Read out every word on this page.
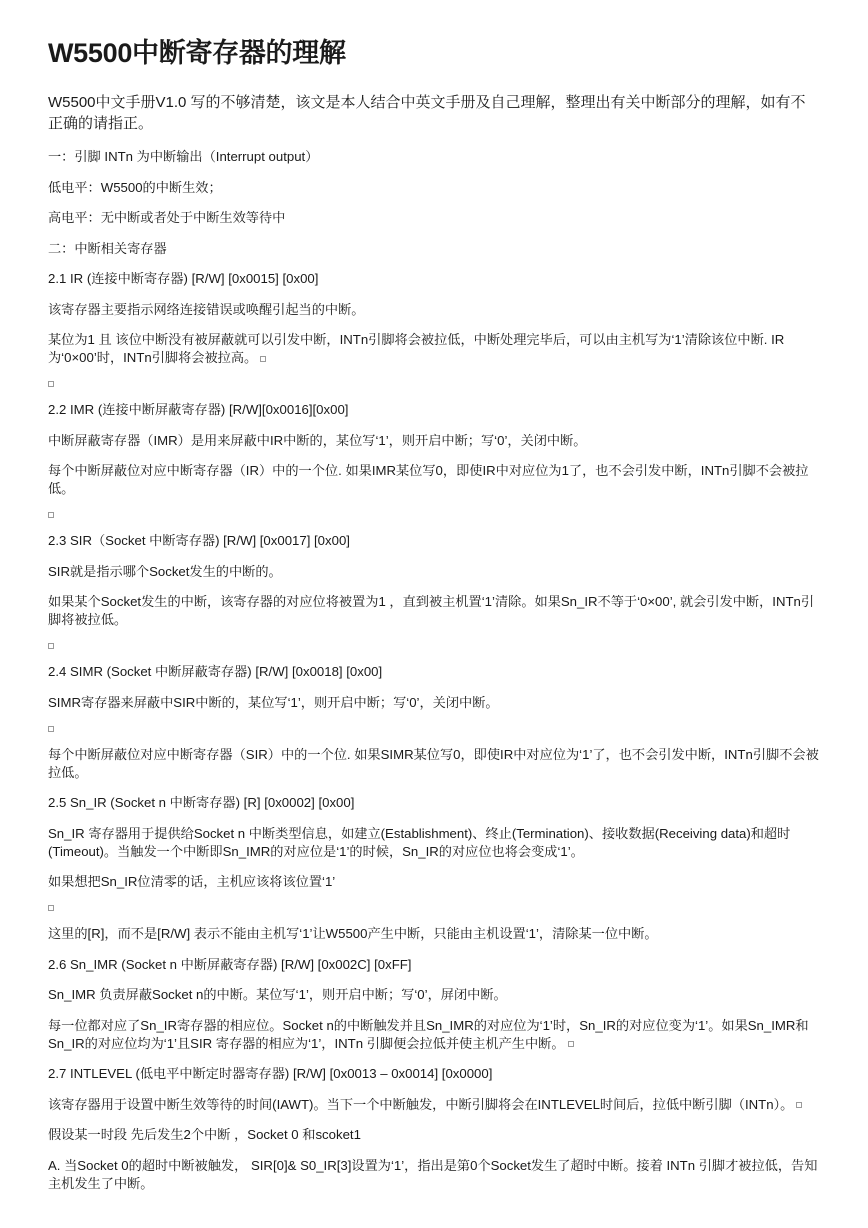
W5500中断寄存器的理解
W5500中文手册V1.0 写的不够清楚，该文是本人结合中英文手册及自己理解，整理出有关中断部分的理解，如有不正确的请指正。
一：引脚 INTn 为中断输出（Interrupt output）
低电平：W5500的中断生效；
高电平：无中断或者处于中断生效等待中
二：中断相关寄存器
2.1 IR (连接中断寄存器) [R/W] [0x0015] [0x00]
该寄存器主要指示网络连接错误或唤醒引起当的中断。
某位为1 且 该位中断没有被屏蔽就可以引发中断，INTn引脚将会被拉低，中断处理完毕后，可以由主机写为‘1’清除该位中断. IR 为‘0×00’时，INTn引脚将会被拉高。
2.2 IMR (连接中断屏蔽寄存器) [R/W][0x0016][0x00]
中断屏蔽寄存器（IMR）是用来屏蔽中IR中断的，某位写‘1’，则开启中断；写‘0’，关闭中断。
每个中断屏蔽位对应中断寄存器（IR）中的一个位. 如果IMR某位写0，即使IR中对应位为1了，也不会引发中断，INTn引脚不会被拉低。
2.3 SIR（Socket 中断寄存器) [R/W] [0x0017] [0x00]
SIR就是指示哪个Socket发生的中断的。
如果某个Socket发生的中断，该寄存器的对应位将被置为1 ，直到被主机置‘1’清除。如果Sn_IR不等于‘0×00’, 就会引发中断，INTn引脚将被拉低。
2.4 SIMR (Socket 中断屏蔽寄存器) [R/W] [0x0018] [0x00]
SIMR寄存器来屏蔽中SIR中断的，某位写‘1’，则开启中断；写‘0’，关闭中断。
每个中断屏蔽位对应中断寄存器（SIR）中的一个位. 如果SIMR某位写0，即使IR中对应位为‘1’了，也不会引发中断，INTn引脚不会被拉低。
2.5 Sn_IR (Socket n 中断寄存器) [R] [0x0002] [0x00]
Sn_IR 寄存器用于提供给Socket n 中断类型信息，如建立(Establishment)、终止(Termination)、接收数据(Receiving data)和超时(Timeout)。当触发一个中断即Sn_IMR的对应位是‘1’的时候，Sn_IR的对应位也将会变成‘1’。
如果想把Sn_IR位清零的话，主机应该将该位置‘1’
这里的[R]，而不是[R/W] 表示不能由主机写‘1’让W5500产生中断，只能由主机设置‘1’，清除某一位中断。
2.6 Sn_IMR (Socket n 中断屏蔽寄存器) [R/W] [0x002C] [0xFF]
Sn_IMR 负责屏蔽Socket n的中断。某位写‘1’，则开启中断；写‘0’，屏闭中断。
每一位都对应了Sn_IR寄存器的相应位。Socket n的中断触发并且Sn_IMR的对应位为‘1’时，Sn_IR的对应位变为‘1’。如果Sn_IMR和Sn_IR的对应位均为‘1’且SIR 寄存器的相应为‘1’，INTn 引脚便会拉低并使主机产生中断。
2.7 INTLEVEL (低电平中断定时器寄存器) [R/W] [0x0013 – 0x0014] [0x0000]
该寄存器用于设置中断生效等待的时间(IAWT)。当下一个中断触发，中断引脚将会在INTLEVEL时间后，拉低中断引脚（INTn）。
假设某一时段 先后发生2个中断 ，Socket 0 和scoket1
A. 当Socket 0的超时中断被触发， SIR[0]& S0_IR[3]设置为‘1’，指出是第0个Socket发生了超时中断。接着 INTn 引脚才被拉低，告知主机发生了中断。
